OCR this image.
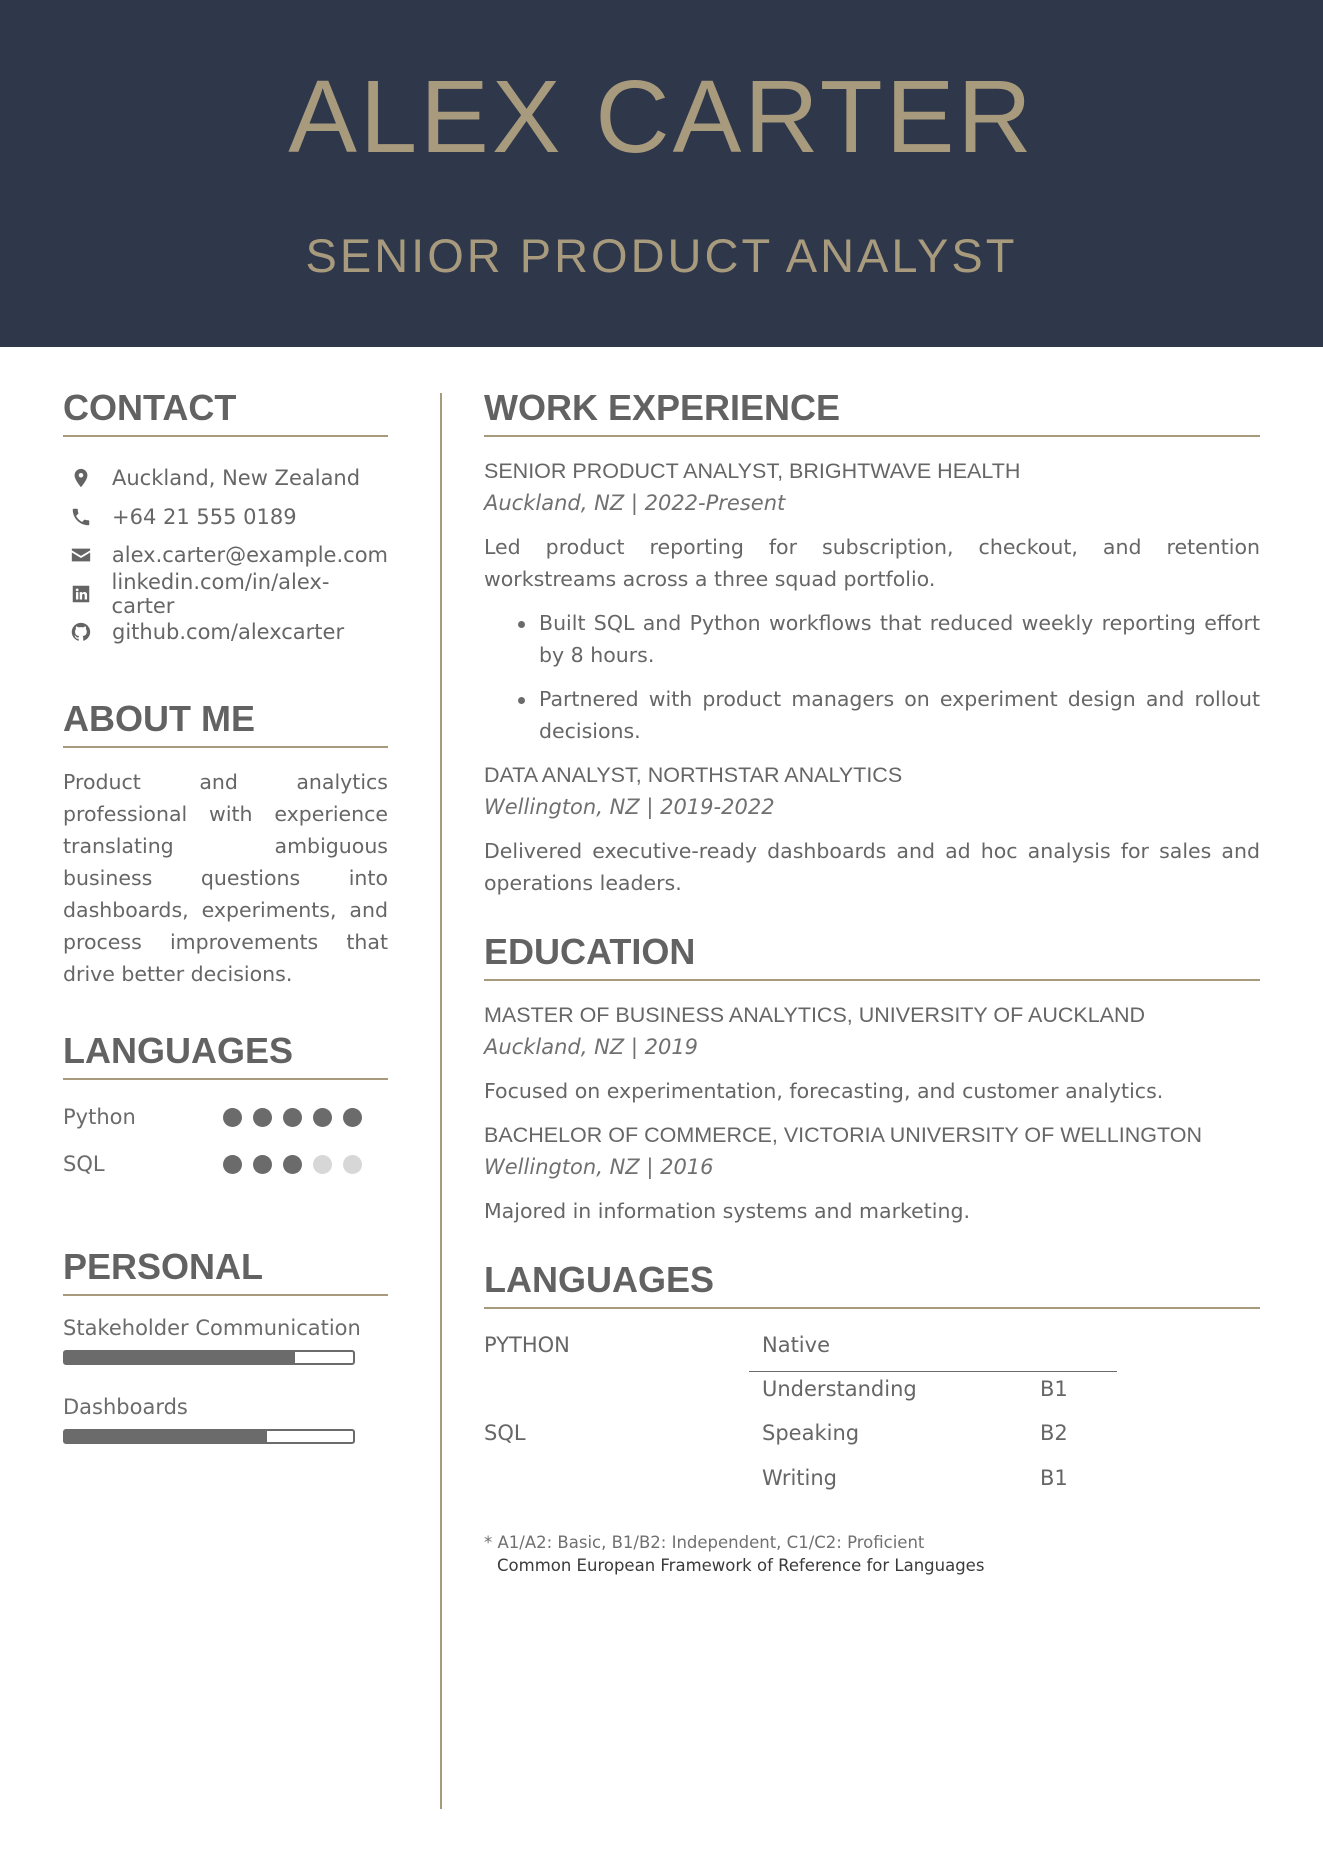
ALEX CARTER
SENIOR PRODUCT ANALYST
CONTACT
Auckland, New Zealand
+64 21 555 0189
alex.carter@example.com
linkedin.com/in/alex-carter
github.com/alexcarter
ABOUT ME
Product and analytics professional with experience translating ambiguous business questions into dashboards, experiments, and process improvements that drive better decisions.
LANGUAGES
Python
SQL
PERSONAL
Stakeholder Communication
Dashboards
WORK EXPERIENCE
SENIOR PRODUCT ANALYST, BRIGHTWAVE HEALTH
Auckland, NZ | 2022-Present
Led product reporting for subscription, checkout, and retention workstreams across a three squad portfolio.
Built SQL and Python workflows that reduced weekly reporting effort by 8 hours.
Partnered with product managers on experiment design and rollout decisions.
DATA ANALYST, NORTHSTAR ANALYTICS
Wellington, NZ | 2019-2022
Delivered executive-ready dashboards and ad hoc analysis for sales and operations leaders.
EDUCATION
MASTER OF BUSINESS ANALYTICS, UNIVERSITY OF AUCKLAND
Auckland, NZ | 2019
Focused on experimentation, forecasting, and customer analytics.
BACHELOR OF COMMERCE, VICTORIA UNIVERSITY OF WELLINGTON
Wellington, NZ | 2016
Majored in information systems and marketing.
LANGUAGES
PYTHON	Native
SQL
Understanding	B1
Speaking	B2
Writing	B1
* A1/A2: Basic, B1/B2: Independent, C1/C2: Proficient
Common European Framework of Reference for Languages
